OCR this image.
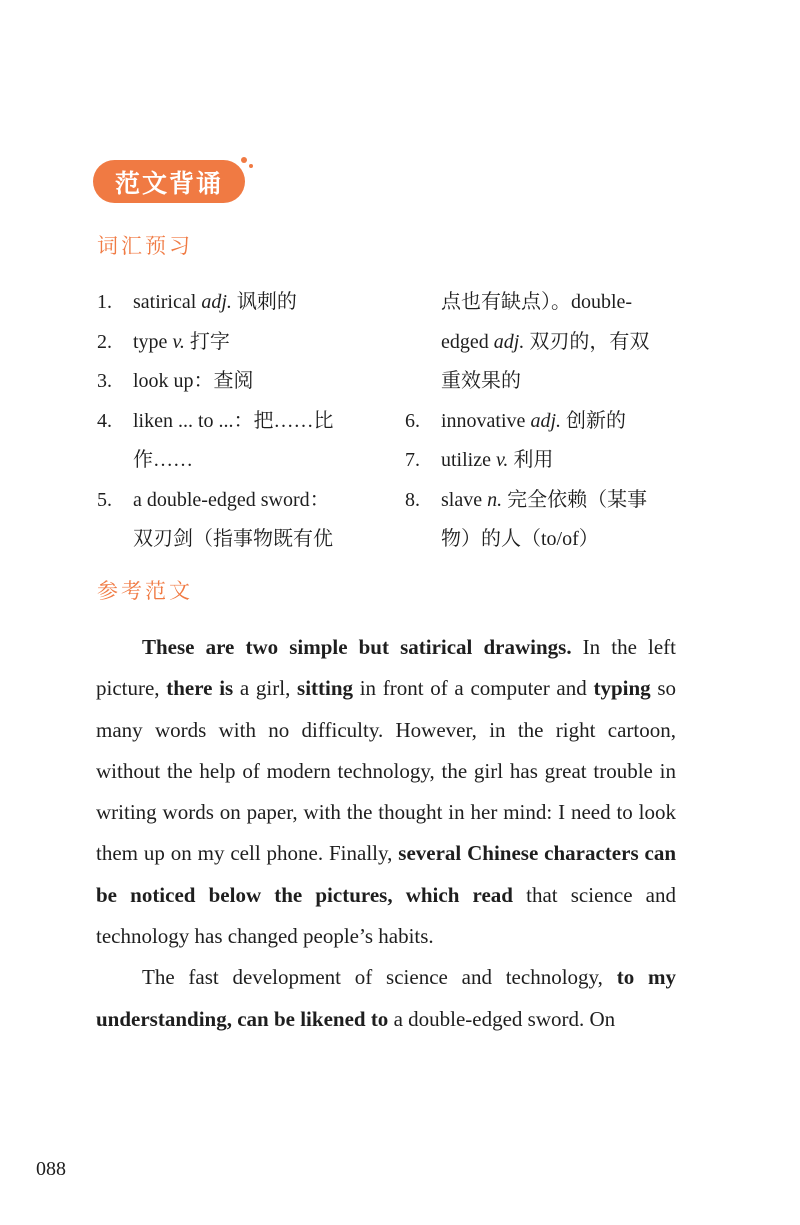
范文背诵
词汇预习
1.	satirical adj. 讽刺的
2.	type v. 打字
3.	look up：查阅
4.	liken ... to ...：把……比
作……
5.	a double-edged sword：
双刃剑（指事物既有优
点也有缺点）。double-
edged adj. 双刃的，有双
重效果的
6.	innovative adj. 创新的
7.	utilize v. 利用
8.	slave n. 完全依赖（某事
物）的人（to/of）
参考范文

These are two simple but satirical drawings. In the left picture, there is a girl, sitting in front of a computer and typing so many words with no difficulty. However, in the right cartoon, without the help of modern technology, the girl has great trouble in writing words on paper, with the thought in her mind: I need to look them up on my cell phone. Finally, several Chinese characters can be noticed below the pictures, which read that science and technology has changed people’s habits.

The fast development of science and technology, to my understanding, can be likened to a double-edged sword. On

088
